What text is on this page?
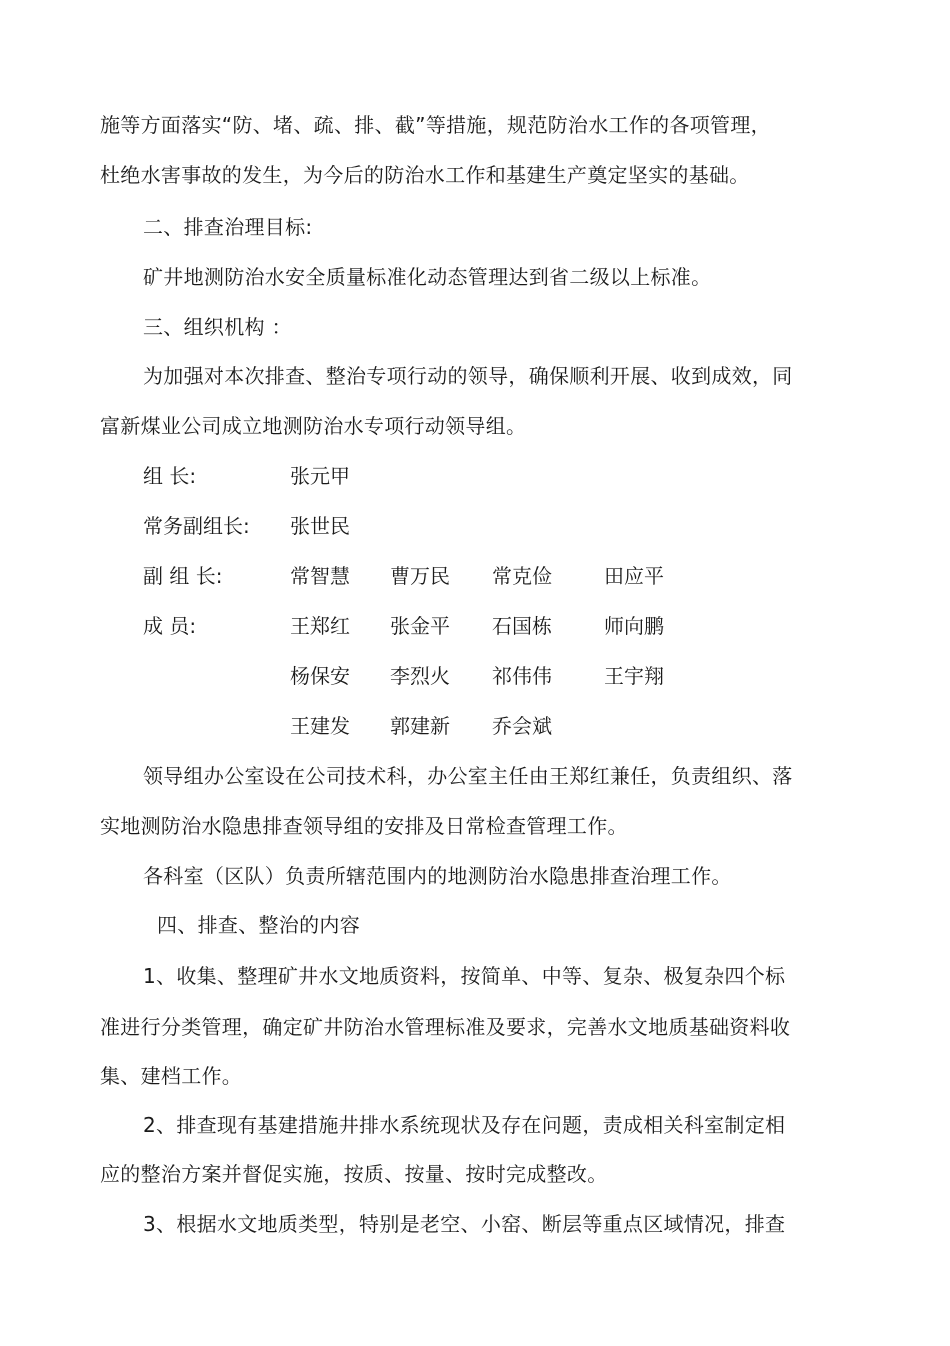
施等方面落实“防、堵、疏、排、截”等措施，规范防治水工作的各项管理，
杜绝水害事故的发生，为今后的防治水工作和基建生产奠定坚实的基础。
二、排查治理目标:
矿井地测防治水安全质量标准化动态管理达到省二级以上标准。
三、组织机构 ：
为加强对本次排查、整治专项行动的领导，确保顺利开展、收到成效，同
富新煤业公司成立地测防治水专项行动领导组。
组 长:	张元甲
常务副组长: 张世民
副 组 长:	常智慧 曹万民 常克俭	田应平
成 员:	王郑红 张金平 石国栋	师向鹏
杨保安 李烈火 祁伟伟	王宇翔
王建发 郭建新 乔会斌
领导组办公室设在公司技术科，办公室主任由王郑红兼任，负责组织、落
实地测防治水隐患排查领导组的安排及日常检查管理工作。
各科室（区队）负责所辖范围内的地测防治水隐患排查治理工作。
四、排查、整治的内容
1、收集、整理矿井水文地质资料，按简单、中等、复杂、极复杂四个标
准进行分类管理，确定矿井防治水管理标准及要求，完善水文地质基础资料收
集、建档工作。
2、排查现有基建措施井排水系统现状及存在问题，责成相关科室制定相
应的整治方案并督促实施，按质、按量、按时完成整改。
3、根据水文地质类型，特别是老空、小窑、断层等重点区域情况，排查
